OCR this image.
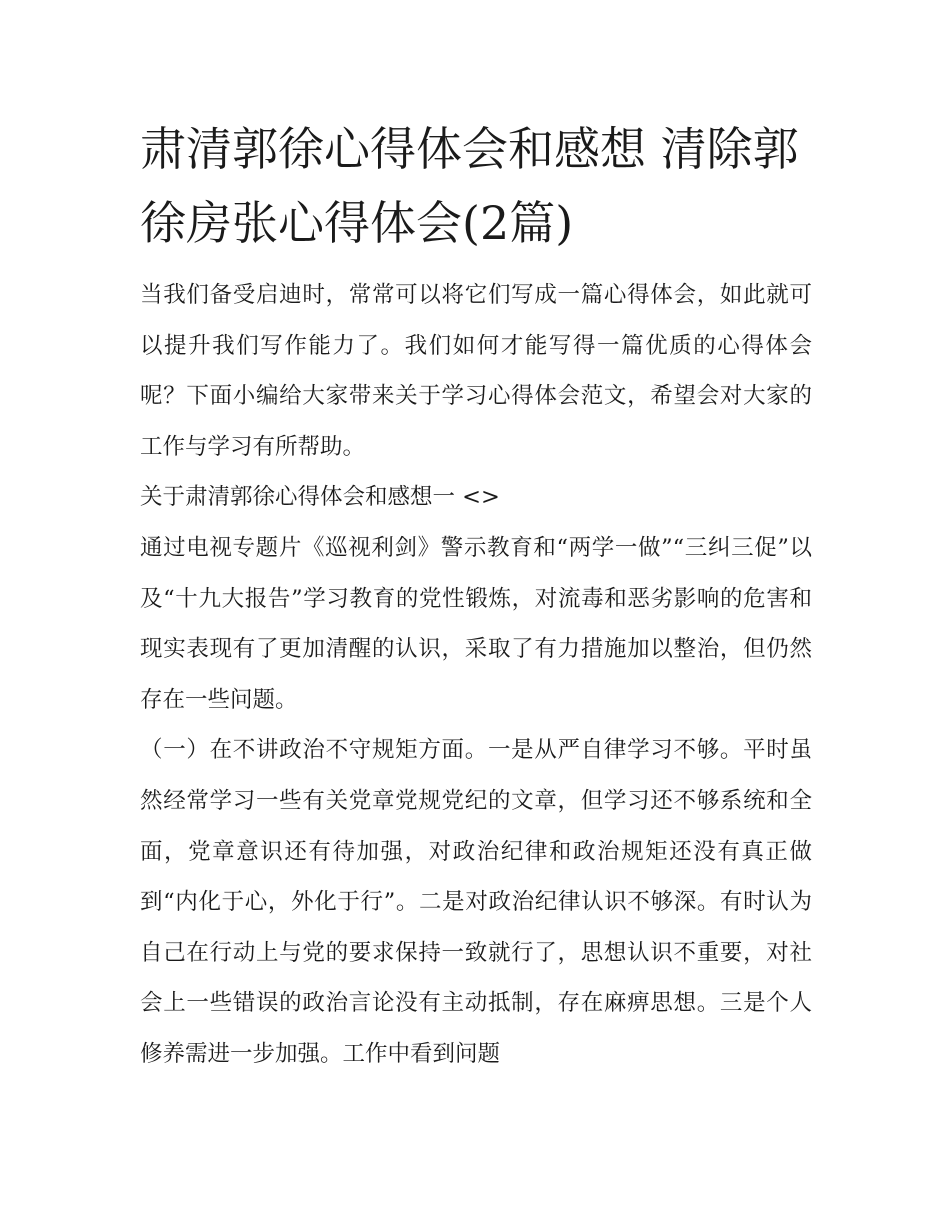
肃清郭徐心得体会和感想 清除郭徐房张心得体会(2篇)

当我们备受启迪时，常常可以将它们写成一篇心得体会，如此就可以提升我们写作能力了。我们如何才能写得一篇优质的心得体会呢？下面小编给大家带来关于学习心得体会范文，希望会对大家的工作与学习有所帮助。

关于肃清郭徐心得体会和感想一 <>

通过电视专题片《巡视利剑》警示教育和“两学一做”“三纠三促”以及“十九大报告”学习教育的党性锻炼，对流毒和恶劣影响的危害和现实表现有了更加清醒的认识，采取了有力措施加以整治，但仍然存在一些问题。

（一）在不讲政治不守规矩方面。一是从严自律学习不够。平时虽然经常学习一些有关党章党规党纪的文章，但学习还不够系统和全面，党章意识还有待加强，对政治纪律和政治规矩还没有真正做到“内化于心，外化于行”。二是对政治纪律认识不够深。有时认为自己在行动上与党的要求保持一致就行了，思想认识不重要，对社会上一些错误的政治言论没有主动抵制，存在麻痹思想。三是个人修养需进一步加强。工作中看到问题
